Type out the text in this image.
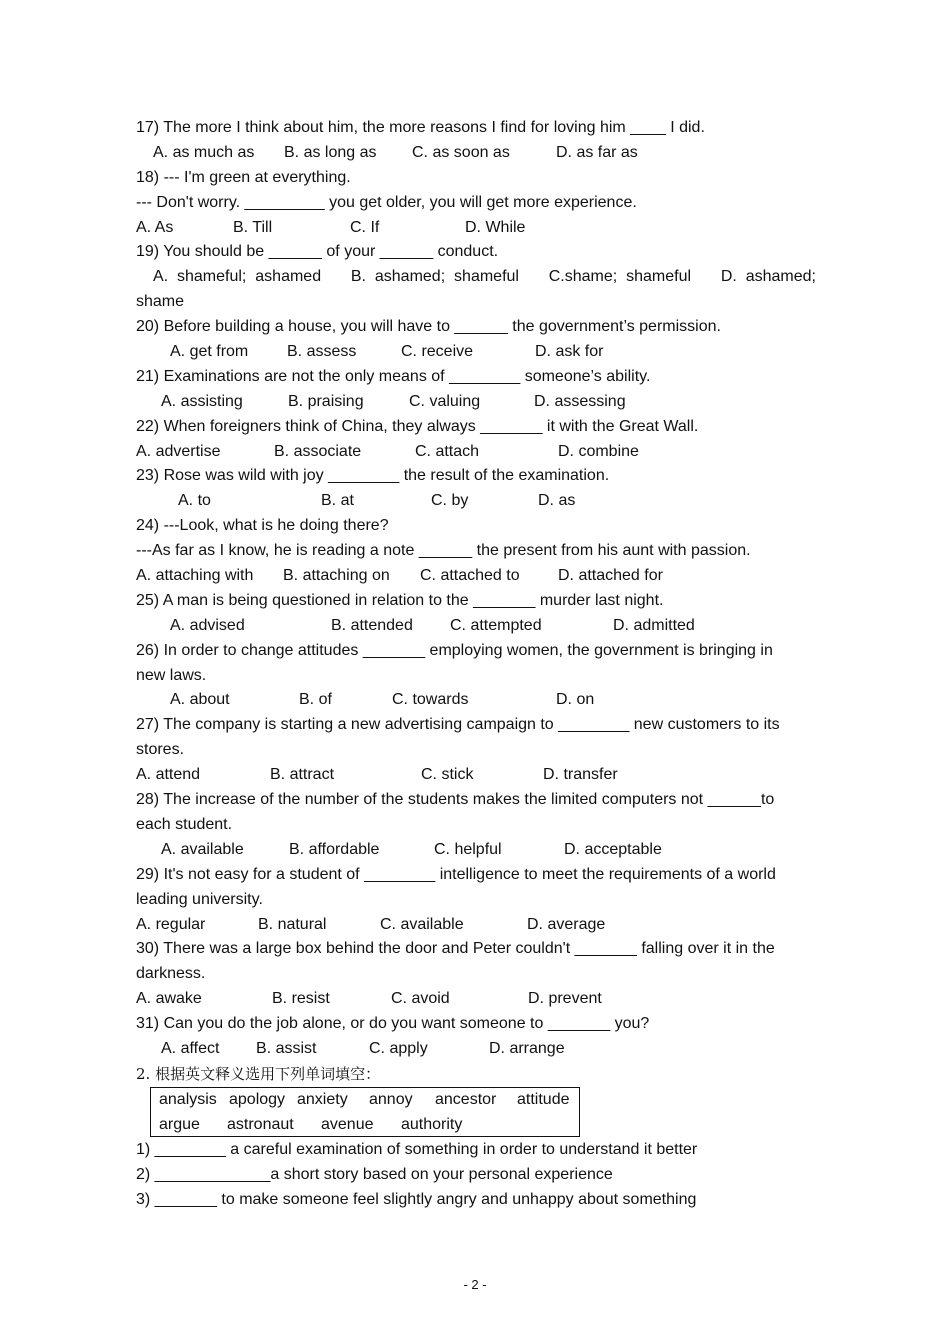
17) The more I think about him, the more reasons I find for loving him ____ I did.

A. as much as

B. as long as

C. as soon as

	D. as far as

18) --- I'm green at everything.
--- Don't worry. _________ you get older, you will get more experience.

A. As

	B. Till

	C. If

	D. While

19) You should be ______ of your ______ conduct.
A.  shameful;  ashamed B.  ashamed;  shameful C.shame;  shameful D.  ashamed;
shame
20) Before building a house, you will have to ______ the government’s permission.

A. get from

B. assess

	C. receive

	D. ask for

21) Examinations are not the only means of ________ someone’s ability.

A. assisting

	B. praising

	C. valuing

	D. assessing

22) When foreigners think of China, they always _______ it with the Great Wall.

A. advertise

	B. associate

	C. attach

	D. combine

23) Rose was wild with joy ________ the result of the examination.

A. to

	B. at

	C. by

	D. as

24) ---Look, what is he doing there?
---As far as I know, he is reading a note ______ the present from his aunt with passion.

A. attaching with

B. attaching on

C. attached to

D. attached for

25) A man is being questioned in relation to the _______ murder last night.

A. advised

	B. attended

C. attempted

	D. admitted

26) In order to change attitudes _______ employing women, the government is bringing in
new laws.

A. about

	B. of

	C. towards

	D. on

27) The company is starting a new advertising campaign to ________ new customers to its
stores.

A. attend

	B. attract

	C. stick

	D. transfer

28) The increase of the number of the students makes the limited computers not ______to
each student.

A. available

	B. affordable

	C. helpful

	D. acceptable

29) It's not easy for a student of ________ intelligence to meet the requirements of a world
leading university.

A. regular

	B. natural

	C. available

	D. average

30) There was a large box behind the door and Peter couldn't _______ falling over it in the
darkness.

A. awake

	B. resist

	C. avoid

	D. prevent

31) Can you do the job alone, or do you want someone to _______ you?

A. affect

B. assist

	C. apply

	D. arrange

2. 根据英文释义选用下列单词填空：
analysis apology anxiety annoy ancestor attitude
argue astronaut avenue authority
1) ________ a careful examination of something in order to understand it better
2) _____________a short story based on your personal experience
3) _______ to make someone feel slightly angry and unhappy about something
- 2 -
